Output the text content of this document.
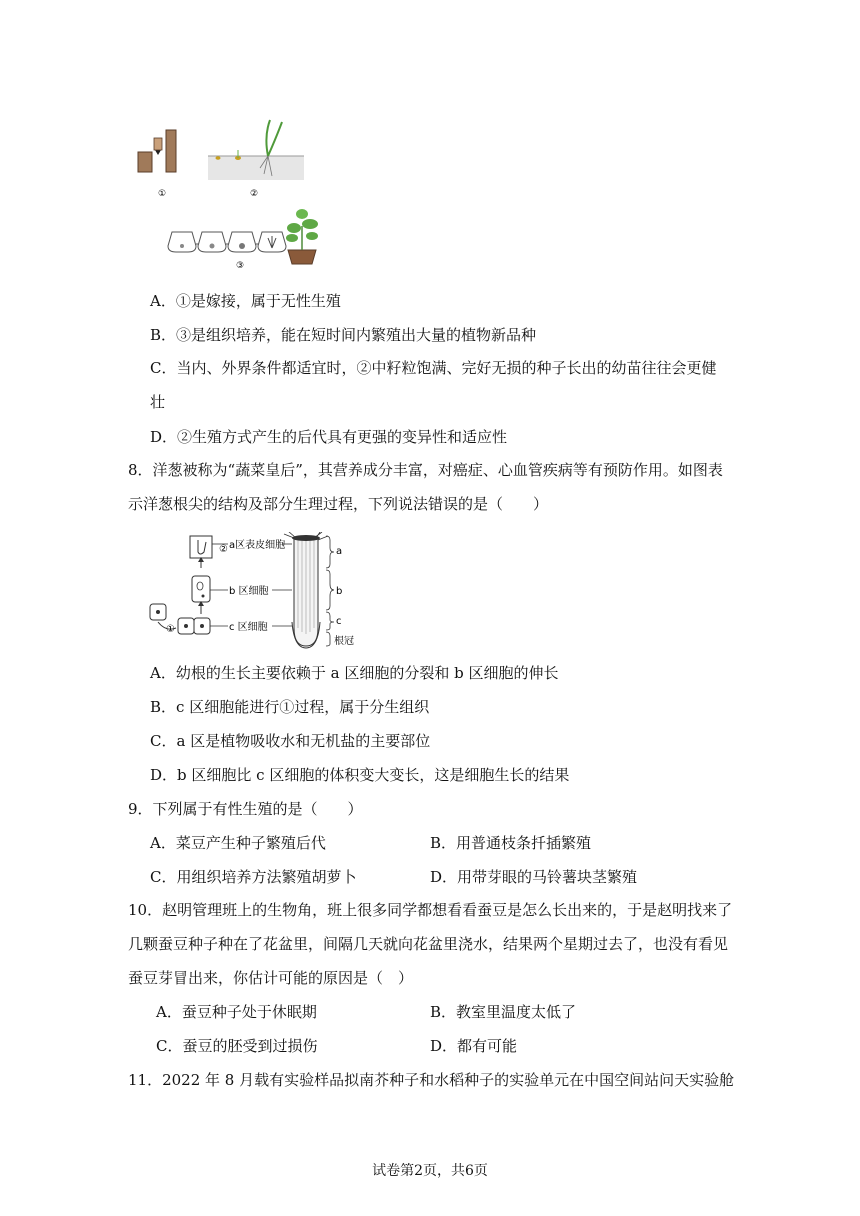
①	②
③
A．①是嫁接，属于无性生殖
B．③是组织培养，能在短时间内繁殖出大量的植物新品种
C．当内、外界条件都适宜时，②中籽粒饱满、完好无损的种子长出的幼苗往往会更健
壮
D．②生殖方式产生的后代具有更强的变异性和适应性
8．洋葱被称为“蔬菜皇后”，其营养成分丰富，对癌症、心血管疾病等有预防作用。如图表
示洋葱根尖的结构及部分生理过程，下列说法错误的是（　　）
②
①
a区表皮细胞
b 区细胞
c 区细胞
a
b
c
根冠
A．幼根的生长主要依赖于 a 区细胞的分裂和 b 区细胞的伸长
B．c 区细胞能进行①过程，属于分生组织
C．a 区是植物吸收水和无机盐的主要部位
D．b 区细胞比 c 区细胞的体积变大变长，这是细胞生长的结果
9．下列属于有性生殖的是（　　）
A．菜豆产生种子繁殖后代	B．用普通枝条扦插繁殖
C．用组织培养方法繁殖胡萝卜	D．用带芽眼的马铃薯块茎繁殖
10．赵明管理班上的生物角，班上很多同学都想看看蚕豆是怎么长出来的，于是赵明找来了
几颗蚕豆种子种在了花盆里，间隔几天就向花盆里浇水，结果两个星期过去了，也没有看见
蚕豆芽冒出来，你估计可能的原因是（　）
A．蚕豆种子处于休眠期	B．教室里温度太低了
C．蚕豆的胚受到过损伤	D．都有可能
11．2022 年 8 月载有实验样品拟南芥种子和水稻种子的实验单元在中国空间站问天实验舱
试卷第2页，共6页
